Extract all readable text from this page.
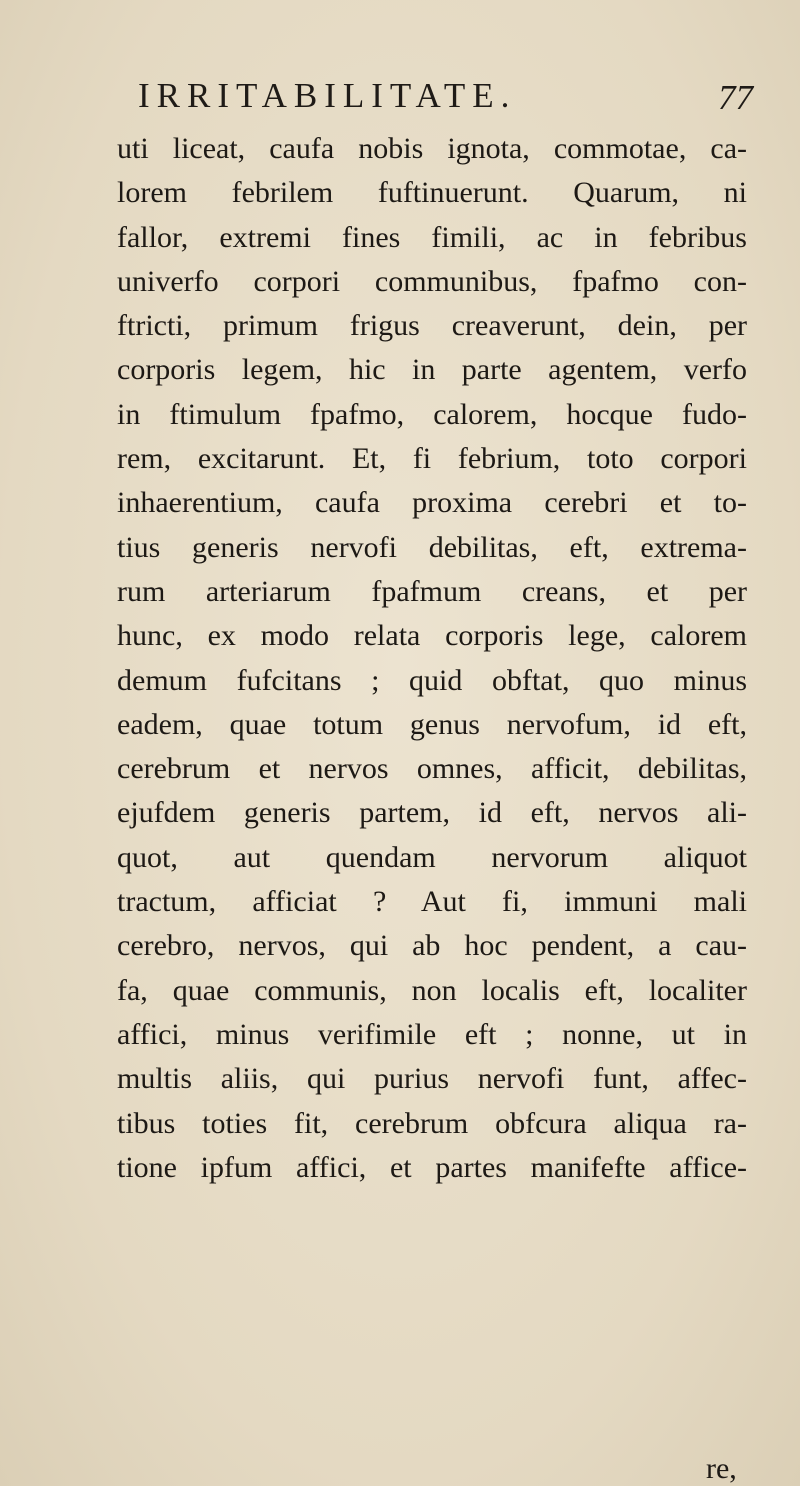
IRRITABILITATE.	77
uti liceat, caufa nobis ignota, commotae, ca-
lorem febrilem fuftinuerunt. Quarum, ni
fallor, extremi fines fimili, ac in febribus
univerfo corpori communibus, fpafmo con-
ftricti, primum frigus creaverunt, dein, per
corporis legem, hic in parte agentem, verfo
in ftimulum fpafmo, calorem, hocque fudo-
rem, excitarunt. Et, fi febrium, toto corpori
inhaerentium, caufa proxima cerebri et to-
tius generis nervofi debilitas, eft, extrema-
rum arteriarum fpafmum creans, et per
hunc, ex modo relata corporis lege, calorem
demum fufcitans ; quid obftat, quo minus
eadem, quae totum genus nervofum, id eft,
cerebrum et nervos omnes, afficit, debilitas,
ejufdem generis partem, id eft, nervos ali-
quot, aut quendam nervorum aliquot
tractum, afficiat ? Aut fi, immuni mali
cerebro, nervos, qui ab hoc pendent, a cau-
fa, quae communis, non localis eft, localiter
affici, minus verifimile eft ; nonne, ut in
multis aliis, qui purius nervofi funt, affec-
tibus toties fit, cerebrum obfcura aliqua ra-
tione ipfum affici, et partes manifefte affice-
re,
